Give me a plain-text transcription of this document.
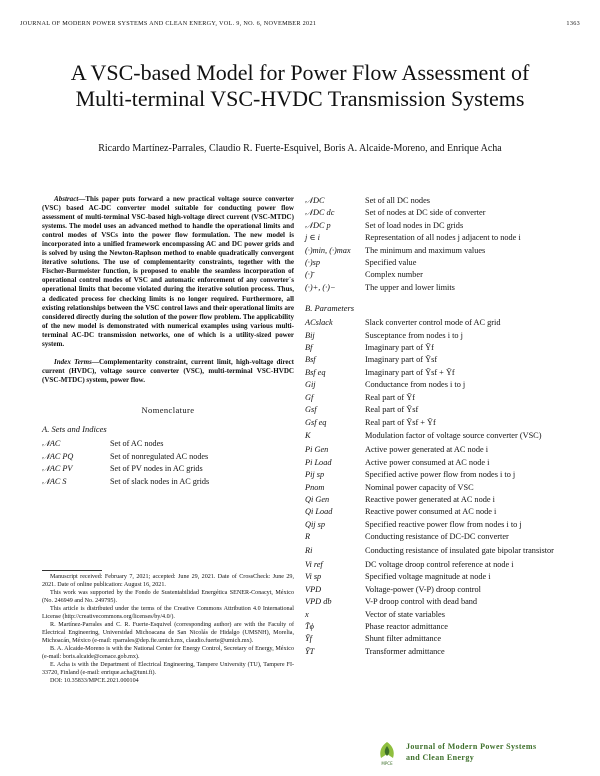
JOURNAL OF MODERN POWER SYSTEMS AND CLEAN ENERGY, VOL. 9, NO. 6, NOVEMBER 2021	1363
A VSC-based Model for Power Flow Assessment of Multi-terminal VSC-HVDC Transmission Systems
Ricardo Martínez-Parrales, Claudio R. Fuerte-Esquivel, Boris A. Alcaide-Moreno, and Enrique Acha

Abstract—This paper puts forward a new practical voltage source converter (VSC) based AC-DC converter model suitable for conducting power flow assessment of multi-terminal VSC-based high-voltage direct current (VSC-MTDC) systems. The model uses an advanced method to handle the operational limits and control modes of VSCs into the power flow formulation. The new model is incorporated into a unified framework encompassing AC and DC power grids and is solved by using the Newton-Raphson method to enable quadratically convergent iterative solutions. The use of complementarity constraints, together with the Fischer-Burmeister function, is proposed to enable the seamless incorporation of operational control modes of VSC and automatic enforcement of any converter`s operational limits that become violated during the iterative solution process. Thus, a dedicated process for checking limits is no longer required. Furthermore, all existing relationships between the VSC control laws and their operational limits are considered directly during the solution of the power flow problem. The applicability of the new model is demonstrated with numerical examples using various multi-terminal AC-DC transmission networks, one of which is a utility-sized power system.

Index Terms—Complementarity constraint, current limit, high-voltage direct current (HVDC), voltage source converter (VSC), multi-terminal VSC-HVDC (VSC-MTDC) system, power flow.

Nomenclature
A. Sets and Indices
𝒩AC	Set of AC nodes
𝒩AC PQ	Set of nonregulated AC nodes
𝒩AC PV	Set of PV nodes in AC grids
𝒩AC S	Set of slack nodes in AC grids

Manuscript received: February 7, 2021; accepted: June 29, 2021. Date of CrossCheck: June 29, 2021. Date of online publication: August 16, 2021.

This work was supported by the Fondo de Sustentabilidad Energética SENER-Conacyt, México (No. 246949 and No. 249795).

This article is distributed under the terms of the Creative Commons Attribution 4.0 International License (http://creativecommons.org/licenses/by/4.0/).

R. Martínez-Parrales and C. R. Fuerte-Esquivel (corresponding author) are with the Faculty of Electrical Engineering, Universidad Michoacana de San Nicolás de Hidalgo (UMSNH), Morelia, Michoacán, México (e-mail: rparrales@dep.fie.umich.mx, claudio.fuerte@umich.mx).

B. A. Alcaide-Moreno is with the National Center for Energy Control, Secretary of Energy, México (e-mail: boris.alcaide@cenace.gob.mx).

E. Acha is with the Department of Electrical Engineering, Tampere University (TU), Tampere FI-33720, Finland (e-mail: enrique.acha@tuni.fi).

DOI: 10.35833/MPCE.2021.000104

𝒩DC	Set of all DC nodes
𝒩DC dc	Set of nodes at DC side of converter
𝒩DC p	Set of load nodes in DC grids
j ∈ i	Representation of all nodes j adjacent to node i
(·)min, (·)max	The minimum and maximum values
(·)sp	Specified value
(·)̄	Complex number
(·)+, (·)−	The upper and lower limits
B. Parameters
ACslack	Slack converter control mode of AC grid
Bij	Susceptance from nodes i to j
Bf	Imaginary part of Ȳf
Bsf	Imaginary part of Ȳsf
Bsf eq	Imaginary part of Ȳsf + Ȳf
Gij	Conductance from nodes i to j
Gf	Real part of Ȳf
Gsf	Real part of Ȳsf
Gsf eq	Real part of Ȳsf + Ȳf
K	Modulation factor of voltage source converter (VSC)
Pi Gen	Active power generated at AC node i
Pi Load	Active power consumed at AC node i
Pij sp	Specified active power flow from nodes i to j
Pnom	Nominal power capacity of VSC
Qi Gen	Reactive power generated at AC node i
Qi Load	Reactive power consumed at AC node i
Qij sp	Specified reactive power flow from nodes i to j
R	Conducting resistance of DC-DC converter
Ri	Conducting resistance of insulated gate bipolar transistor
Vi ref	DC voltage droop control reference at node i
Vi sp	Specified voltage magnitude at node i
VPD	Voltage-power (V-P) droop control
VPD db	V-P droop control with dead band
x	Vector of state variables
T̄ϕ	Phase reactor admittance
Ȳf	Shunt filter admittance
ȲT	Transformer admittance
MPCE
Journal of Modern Power Systems
and Clean Energy
